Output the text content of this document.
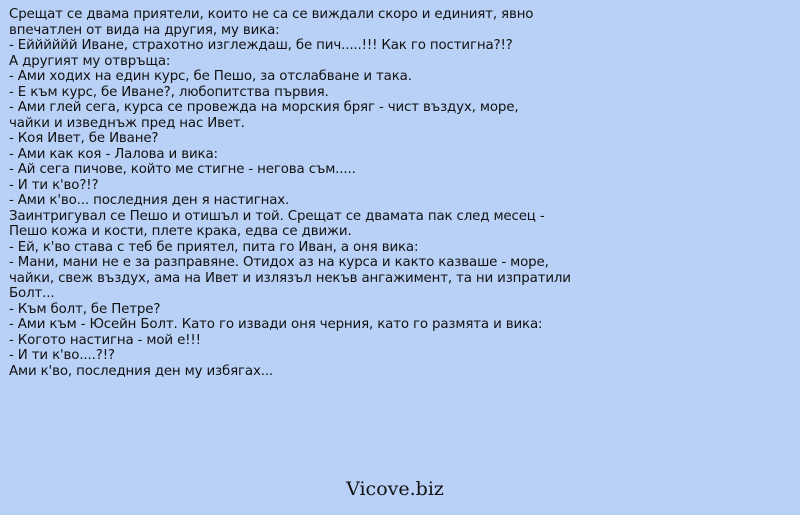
Срещат се двама приятели, които не са се виждали скоро и единият, явно
впечатлен от вида на другия, му вика:
- Ейййййй Иване, страхотно изглеждаш, бе пич.....!!! Как го постигна?!?
А другият му отвръща:
- Ами ходих на един курс, бе Пешо, за отслабване и така.
- Е към курс, бе Иване?, любопитства първия.
- Ами глей сега, курса се провежда на морския бряг - чист въздух, море,
чайки и изведнъж пред нас Ивет.
- Коя Ивет, бе Иване?
- Ами как коя - Лалова и вика:
- Ай сега пичове, който ме стигне - негова съм.....
- И ти к'во?!?
- Ами к'во... последния ден я настигнах.
Заинтригувал се Пешо и отишъл и той. Срещат се двамата пак след месец -
Пешо кожа и кости, плете крака, едва се движи.
- Ей, к'во става с теб бе приятел, пита го Иван, а оня вика:
- Мани, мани не е за разправяне. Отидох аз на курса и както казваше - море,
чайки, свеж въздух, ама на Ивет и излязъл некъв ангажимент, та ни изпратили
Болт...
- Към болт, бе Петре?
- Ами към - Юсейн Болт. Като го извади оня черния, като го размята и вика:
- Когото настигна - мой е!!!
- И ти к'во....?!?
Ами к'во, последния ден му избягах...
Vicove.biz
